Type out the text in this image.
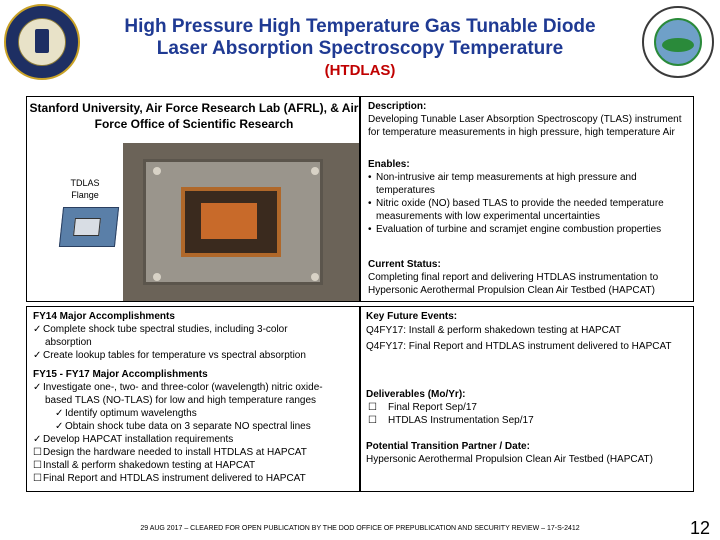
High Pressure High Temperature Gas Tunable Diode
Laser Absorption Spectroscopy Temperature
(HTDLAS)
Stanford University, Air Force Research Lab (AFRL), & Air Force Office of Scientific Research
TDLAS Flange
Description:
Developing Tunable Laser Absorption Spectroscopy (TLAS) instrument for temperature measurements in high pressure, high temperature Air
Enables:
• Non-intrusive air temp measurements at high pressure and temperatures
• Nitric oxide (NO) based TLAS to provide the needed temperature measurements with low experimental uncertainties
• Evaluation of turbine and scramjet engine combustion properties
Current Status:
Completing final report and delivering HTDLAS instrumentation to Hypersonic Aerothermal Propulsion Clean Air Testbed (HAPCAT)
FY14 Major Accomplishments
✓ Complete shock tube spectral studies, including 3-color
absorption
✓ Create lookup tables for temperature vs spectral absorption
FY15 - FY17 Major Accomplishments
✓ Investigate one-, two- and three-color (wavelength) nitric oxide-
based TLAS (NO-TLAS) for low and high temperature ranges
✓ Identify optimum wavelengths
✓ Obtain shock tube data on 3 separate NO spectral lines
✓ Develop HAPCAT installation requirements
☐Design the hardware needed to install HTDLAS at HAPCAT
☐Install & perform shakedown testing at HAPCAT
☐Final Report and HTDLAS instrument delivered to HAPCAT
Key Future Events:
Q4FY17: Install & perform shakedown testing at HAPCAT
Q4FY17: Final Report and HTDLAS instrument delivered to HAPCAT
Deliverables (Mo/Yr):
☐ Final Report Sep/17
☐ HTDLAS Instrumentation Sep/17
Potential Transition Partner / Date:
Hypersonic Aerothermal Propulsion Clean Air Testbed (HAPCAT)
29 AUG 2017 – CLEARED FOR OPEN PUBLICATION BY THE DOD OFFICE OF PREPUBLICATION AND SECURITY REVIEW – 17-S-2412	12
